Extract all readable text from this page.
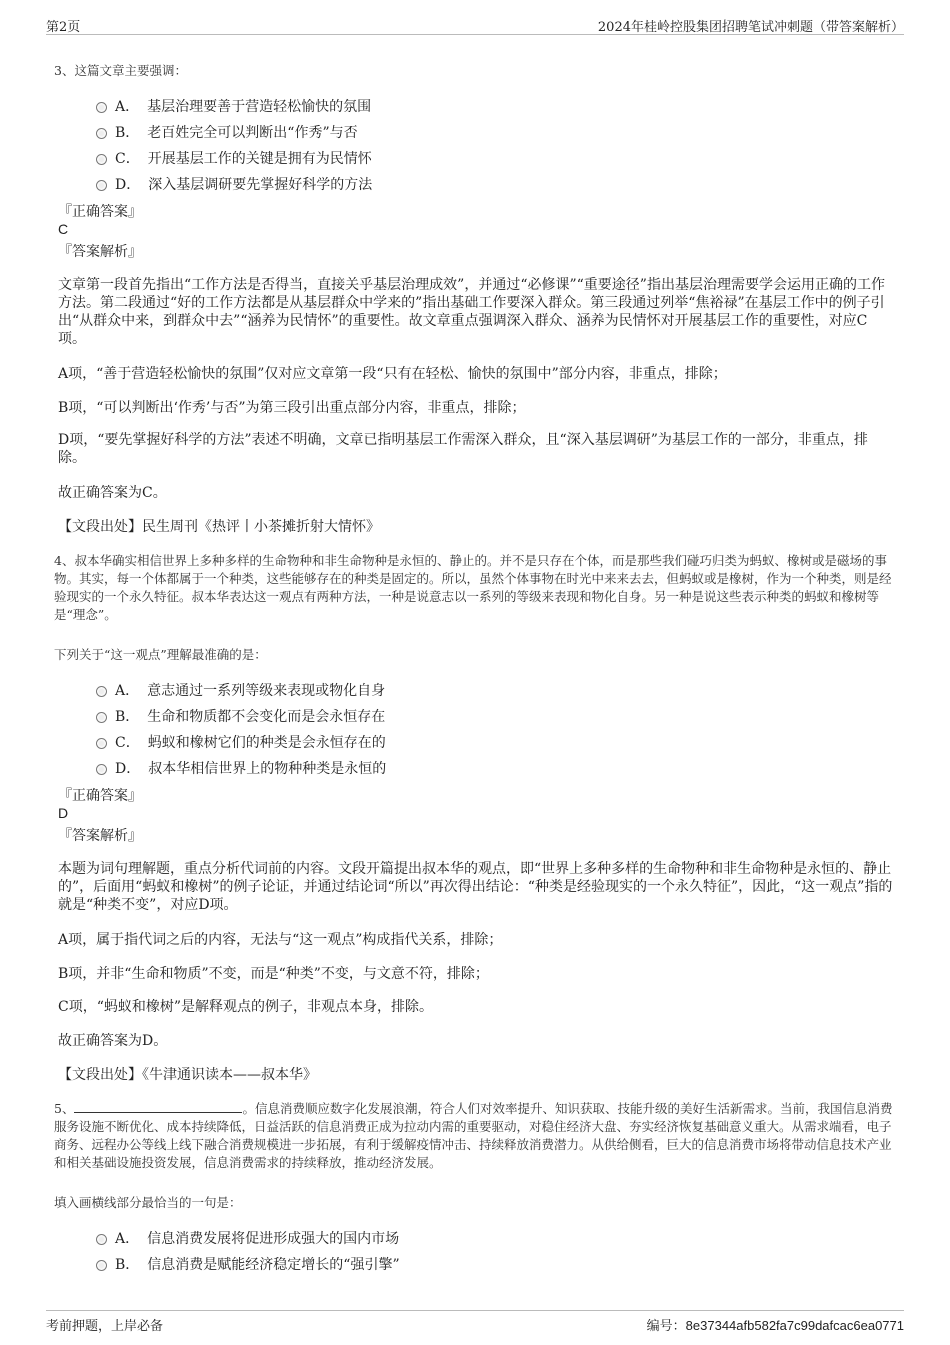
第2页	2024年桂岭控股集团招聘笔试冲刺题（带答案解析）

3、这篇文章主要强调：

A． 基层治理要善于营造轻松愉快的氛围
B． 老百姓完全可以判断出“作秀”与否
C． 开展基层工作的关键是拥有为民情怀
D． 深入基层调研要先掌握好科学的方法
『正确答案』
C
『答案解析』

文章第一段首先指出“工作方法是否得当，直接关乎基层治理成效”，并通过“必修课”“重要途径”指出基层治理需要学会运用正确的工作方法。第二段通过“好的工作方法都是从基层群众中学来的”指出基础工作要深入群众。第三段通过列举“焦裕禄”在基层工作中的例子引出“从群众中来，到群众中去”“涵养为民情怀”的重要性。故文章重点强调深入群众、涵养为民情怀对开展基层工作的重要性，对应C项。

A项，“善于营造轻松愉快的氛围”仅对应文章第一段“只有在轻松、愉快的氛围中”部分内容，非重点，排除；

B项，“可以判断出‘作秀’与否”为第三段引出重点部分内容，非重点，排除；

D项，“要先掌握好科学的方法”表述不明确，文章已指明基层工作需深入群众，且“深入基层调研”为基层工作的一部分，非重点，排除。

故正确答案为C。

【文段出处】民生周刊《热评丨小茶摊折射大情怀》

4、叔本华确实相信世界上多种多样的生命物种和非生命物种是永恒的、静止的。并不是只存在个体，而是那些我们碰巧归类为蚂蚁、橡树或是磁场的事物。其实，每一个体都属于一个种类，这些能够存在的种类是固定的。所以，虽然个体事物在时光中来来去去，但蚂蚁或是橡树，作为一个种类，则是经验现实的一个永久特征。叔本华表达这一观点有两种方法，一种是说意志以一系列的等级来表现和物化自身。另一种是说这些表示种类的蚂蚁和橡树等是“理念”。

下列关于“这一观点”理解最准确的是：

A． 意志通过一系列等级来表现或物化自身
B． 生命和物质都不会变化而是会永恒存在
C． 蚂蚁和橡树它们的种类是会永恒存在的
D． 叔本华相信世界上的物种种类是永恒的
『正确答案』
D
『答案解析』

本题为词句理解题，重点分析代词前的内容。文段开篇提出叔本华的观点，即“世界上多种多样的生命物种和非生命物种是永恒的、静止的”，后面用“蚂蚁和橡树”的例子论证，并通过结论词“所以”再次得出结论：“种类是经验现实的一个永久特征”，因此，“这一观点”指的就是“种类不变”，对应D项。

A项，属于指代词之后的内容，无法与“这一观点”构成指代关系，排除；

B项，并非“生命和物质”不变，而是“种类”不变，与文意不符，排除；

C项，“蚂蚁和橡树”是解释观点的例子，非观点本身，排除。

故正确答案为D。

【文段出处】《牛津通识读本——叔本华》

5、	。信息消费顺应数字化发展浪潮，符合人们对效率提升、知识获取、技能升级的美好生活新需求。当前，我国信息消费服务设施不断优化、成本持续降低，日益活跃的信息消费正成为拉动内需的重要驱动，对稳住经济大盘、夯实经济恢复基础意义重大。从需求端看，电子商务、远程办公等线上线下融合消费规模进一步拓展，有利于缓解疫情冲击、持续释放消费潜力。从供给侧看，巨大的信息消费市场将带动信息技术产业和相关基础设施投资发展，信息消费需求的持续释放，推动经济发展。

填入画横线部分最恰当的一句是：

A． 信息消费发展将促进形成强大的国内市场
B． 信息消费是赋能经济稳定增长的“强引擎”
考前押题，上岸必备	编号：8e37344afb582fa7c99dafcac6ea0771
